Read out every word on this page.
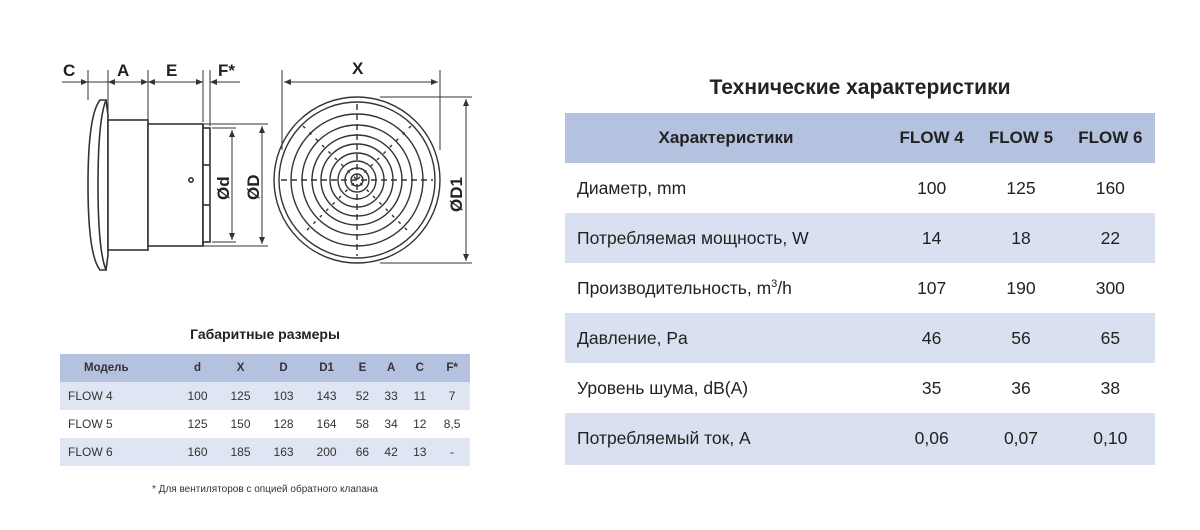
C A E F*
Ød ØD
X
ØD1
Габаритные размеры
Модель	d	X	D	D1	E	A	C	F*
FLOW 4	100	125	103	143	52	33	11	7
FLOW 5	125	150	128	164	58	34	12	8,5
FLOW 6	160	185	163	200	66	42	13	-
* Для вентиляторов с опцией обратного клапана
Технические характеристики
Характеристики	FLOW 4	FLOW 5	FLOW 6
Диаметр, mm	100	125	160
Потребляемая мощность, W	14	18	22
Производительность, $m^3/h$	107	190	300
Давление, Pa	46	56	65
Уровень шума, dB(A)	35	36	38
Потребляемый ток, A	0,06	0,07	0,10
